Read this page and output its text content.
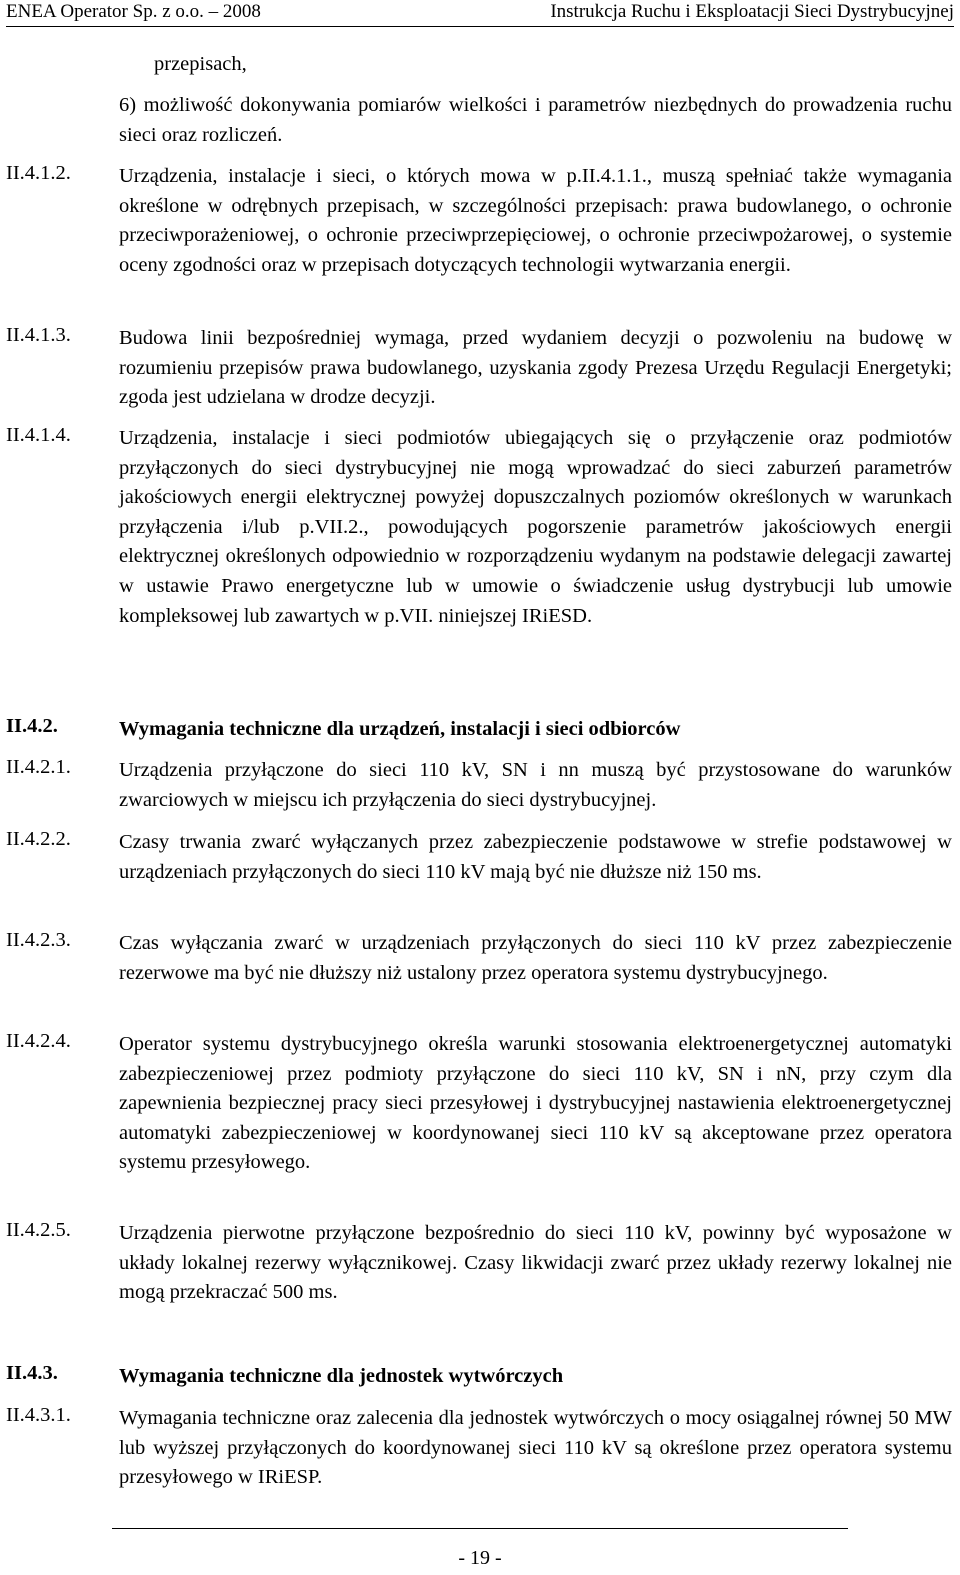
ENEA Operator Sp. z o.o. – 2008	Instrukcja Ruchu i Eksploatacji Sieci Dystrybucyjnej
przepisach,
6) możliwość dokonywania pomiarów wielkości i parametrów niezbędnych do prowadzenia ruchu sieci oraz rozliczeń.
II.4.1.2. Urządzenia, instalacje i sieci, o których mowa w p.II.4.1.1., muszą spełniać także wymagania określone w odrębnych przepisach, w szczególności przepisach: prawa budowlanego, o ochronie przeciwporażeniowej, o ochronie przeciwprzepięciowej, o ochronie przeciwpożarowej, o systemie oceny zgodności oraz w przepisach dotyczących technologii wytwarzania energii.
II.4.1.3. Budowa linii bezpośredniej wymaga, przed wydaniem decyzji o pozwoleniu na budowę w rozumieniu przepisów prawa budowlanego, uzyskania zgody Prezesa Urzędu Regulacji Energetyki; zgoda jest udzielana w drodze decyzji.
II.4.1.4. Urządzenia, instalacje i sieci podmiotów ubiegających się o przyłączenie oraz podmiotów przyłączonych do sieci dystrybucyjnej nie mogą wprowadzać do sieci zaburzeń parametrów jakościowych energii elektrycznej powyżej dopuszczalnych poziomów określonych w warunkach przyłączenia i/lub p.VII.2., powodujących pogorszenie parametrów jakościowych energii elektrycznej określonych odpowiednio w rozporządzeniu wydanym na podstawie delegacji zawartej w ustawie Prawo energetyczne lub w umowie o świadczenie usług dystrybucji lub umowie kompleksowej lub zawartych w p.VII. niniejszej IRiESD.
II.4.2.	Wymagania techniczne dla urządzeń, instalacji i sieci odbiorców
II.4.2.1. Urządzenia przyłączone do sieci 110 kV, SN i nn muszą być przystosowane do warunków zwarciowych w miejscu ich przyłączenia do sieci dystrybucyjnej.
II.4.2.2. Czasy trwania zwarć wyłączanych przez zabezpieczenie podstawowe w strefie podstawowej w urządzeniach przyłączonych do sieci 110 kV mają być nie dłuższe niż 150 ms.
II.4.2.3. Czas wyłączania zwarć w urządzeniach przyłączonych do sieci 110 kV przez zabezpieczenie rezerwowe ma być nie dłuższy niż ustalony przez operatora systemu dystrybucyjnego.
II.4.2.4. Operator systemu dystrybucyjnego określa warunki stosowania elektroenergetycznej automatyki zabezpieczeniowej przez podmioty przyłączone do sieci 110 kV, SN i nN, przy czym dla zapewnienia bezpiecznej pracy sieci przesyłowej i dystrybucyjnej nastawienia elektroenergetycznej automatyki zabezpieczeniowej w koordynowanej sieci 110 kV są akceptowane przez operatora systemu przesyłowego.
II.4.2.5. Urządzenia pierwotne przyłączone bezpośrednio do sieci 110 kV, powinny być wyposażone w układy lokalnej rezerwy wyłącznikowej. Czasy likwidacji zwarć przez układy rezerwy lokalnej nie mogą przekraczać 500 ms.
II.4.3.	Wymagania techniczne dla jednostek wytwórczych
II.4.3.1. Wymagania techniczne oraz zalecenia dla jednostek wytwórczych o mocy osiągalnej równej 50 MW lub wyższej przyłączonych do koordynowanej sieci 110 kV są określone przez operatora systemu przesyłowego w IRiESP.
- 19 -
